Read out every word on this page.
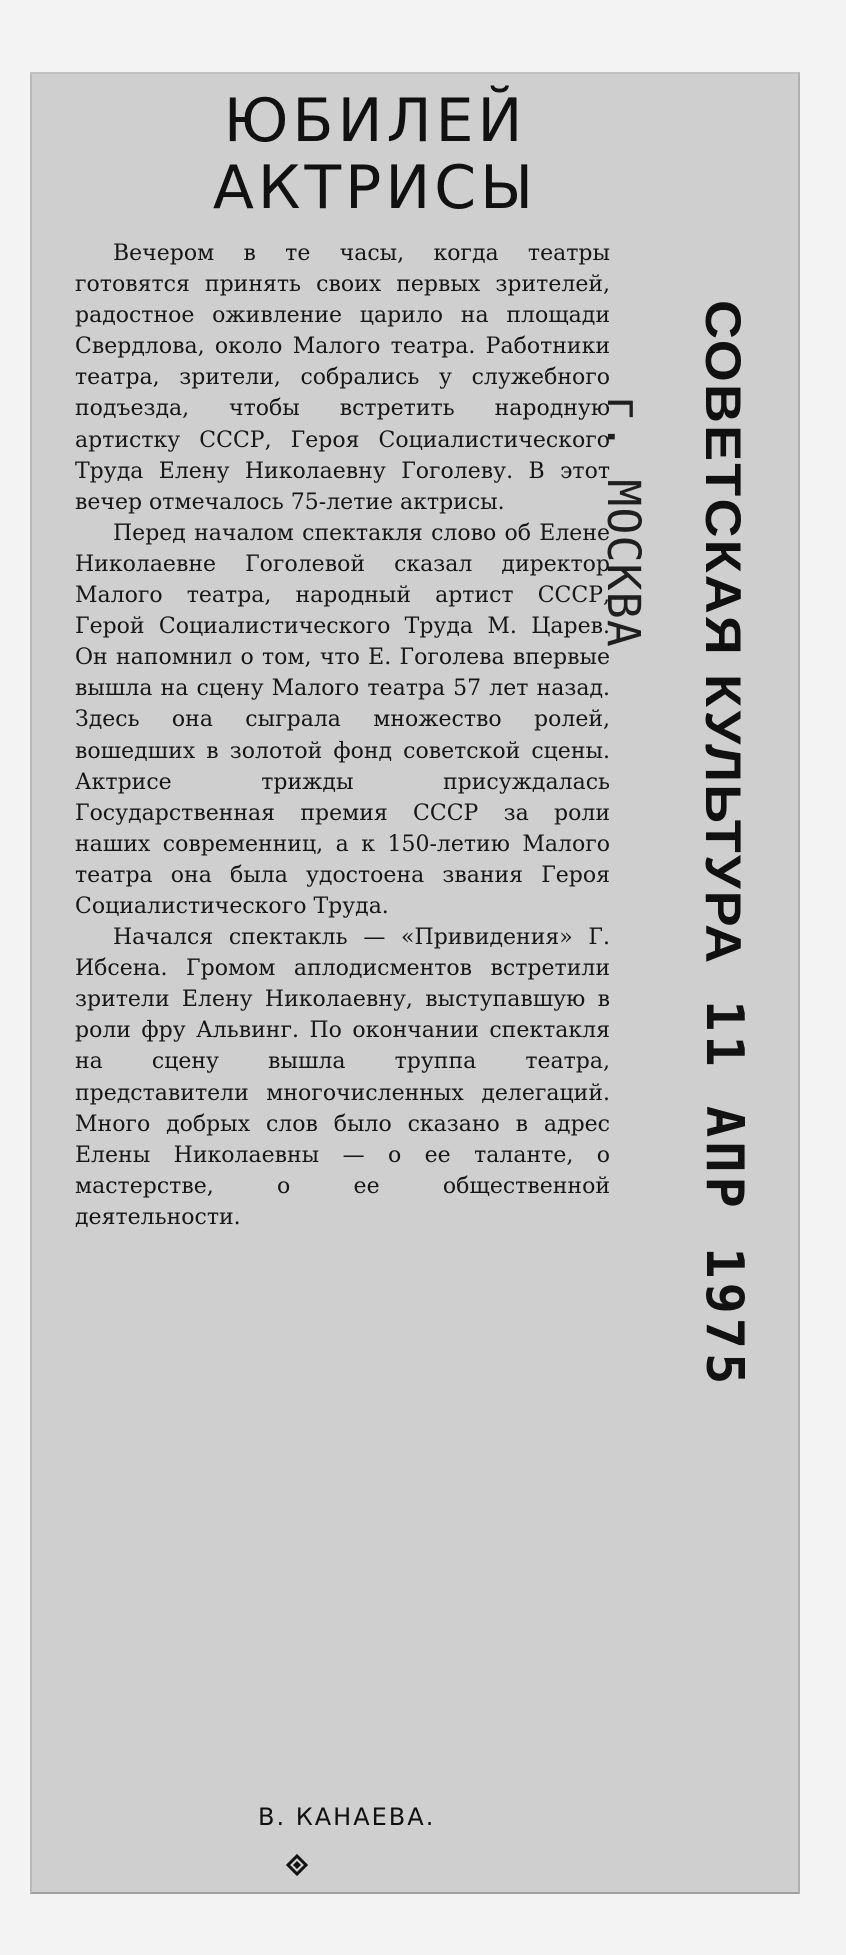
ЮБИЛЕЙ
АКТРИСЫ

Вечером в те часы, когда театры готовятся принять своих первых зрителей, радостное оживление царило на площади Свердлова, около Малого театра. Работники театра, зрители, собрались у служебного подъезда, чтобы встретить народную артистку СССР, Героя Социалистического Труда Елену Николаевну Гоголеву. В этот вечер отмечалось 75-летие актрисы.

Перед началом спектакля слово об Елене Николаевне Гоголевой сказал директор Малого театра, народный артист СССР, Герой Социалистического Труда М. Царев. Он напомнил о том, что Е. Гоголева впервые вышла на сцену Малого театра 57 лет назад. Здесь она сыграла множество ролей, вошедших в золотой фонд советской сцены. Актрисе трижды присуждалась Государственная премия СССР за роли наших современниц, а к 150-летию Малого театра она была удостоена звания Героя Социалистического Труда.

Начался спектакль — «Привидения» Г. Ибсена. Громом аплодисментов встретили зрители Елену Николаевну, выступавшую в роли фру Альвинг. По окончании спектакля на сцену вышла труппа театра, представители многочисленных делегаций. Много добрых слов было сказано в адрес Елены Николаевны — о ее таланте, о мастерстве, о ее общественной деятельности.

В. КАНАЕВА.
СОВЕТСКАЯ КУЛЬТУРА
г. МОСКВА
11 АПР 1975
